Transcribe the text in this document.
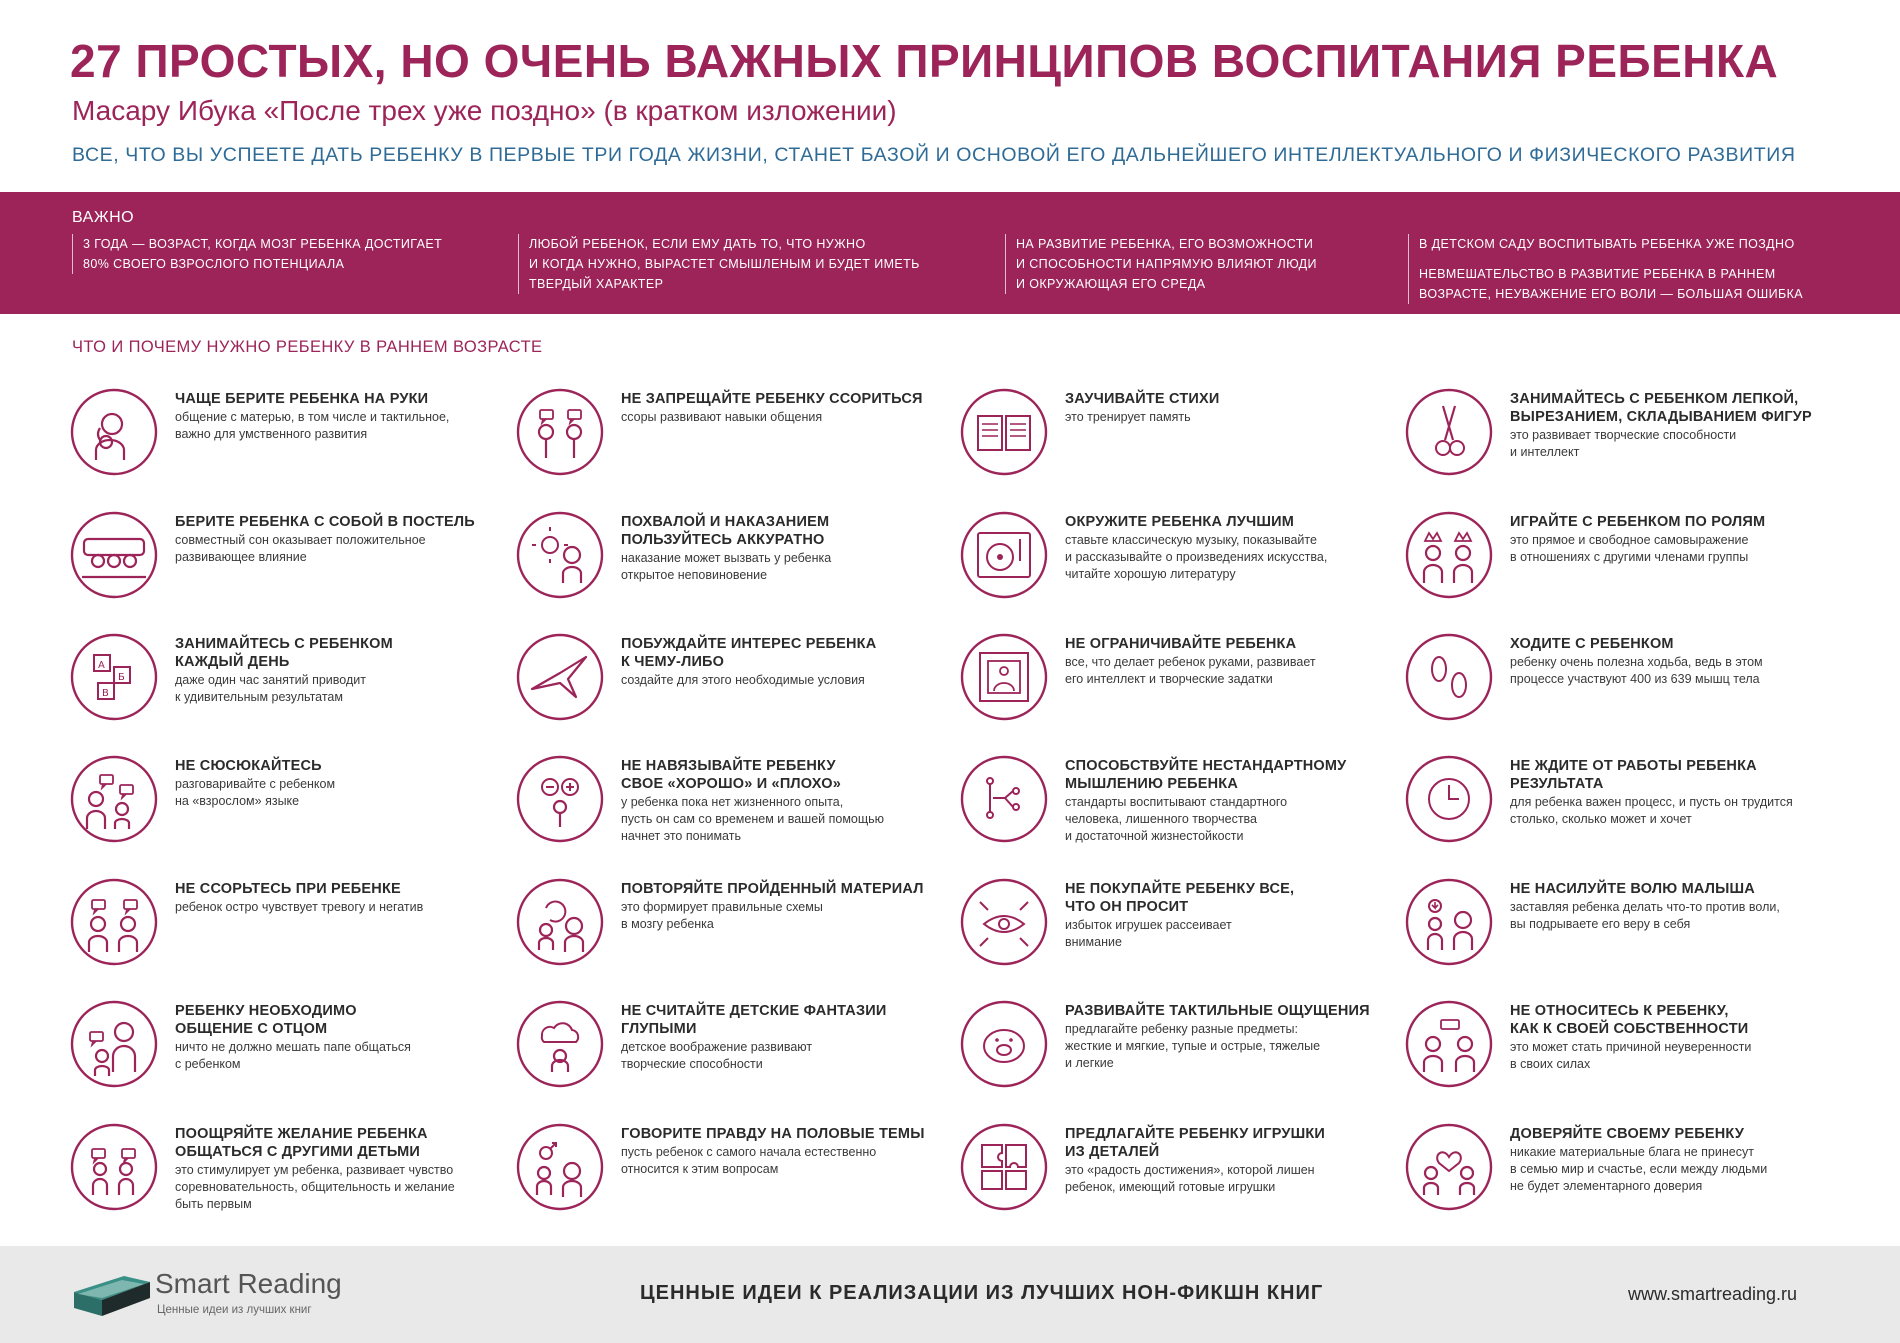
27 ПРОСТЫХ, НО ОЧЕНЬ ВАЖНЫХ ПРИНЦИПОВ ВОСПИТАНИЯ РЕБЕНКА
Масару Ибука «После трех уже поздно» (в кратком изложении)
ВСЕ, ЧТО ВЫ УСПЕЕТЕ ДАТЬ РЕБЕНКУ В ПЕРВЫЕ ТРИ ГОДА ЖИЗНИ, СТАНЕТ БАЗОЙ И ОСНОВОЙ ЕГО ДАЛЬНЕЙШЕГО ИНТЕЛЛЕКТУАЛЬНОГО И ФИЗИЧЕСКОГО РАЗВИТИЯ
ВАЖНО

3 ГОДА — ВОЗРАСТ, КОГДА МОЗГ РЕБЕНКА ДОСТИГАЕТ

80% СВОЕГО ВЗРОСЛОГО ПОТЕНЦИАЛА

ЛЮБОЙ РЕБЕНОК, ЕСЛИ ЕМУ ДАТЬ ТО, ЧТО НУЖНО

И КОГДА НУЖНО, ВЫРАСТЕТ СМЫШЛЕНЫМ И БУДЕТ ИМЕТЬ

ТВЕРДЫЙ ХАРАКТЕР

НА РАЗВИТИЕ РЕБЕНКА, ЕГО ВОЗМОЖНОСТИ

И СПОСОБНОСТИ НАПРЯМУЮ ВЛИЯЮТ ЛЮДИ

И ОКРУЖАЮЩАЯ ЕГО СРЕДА

В ДЕТСКОМ САДУ ВОСПИТЫВАТЬ РЕБЕНКА УЖЕ ПОЗДНО

НЕВМЕШАТЕЛЬСТВО В РАЗВИТИЕ РЕБЕНКА В РАННЕМ

ВОЗРАСТЕ, НЕУВАЖЕНИЕ ЕГО ВОЛИ — БОЛЬШАЯ ОШИБКА

ЧТО И ПОЧЕМУ НУЖНО РЕБЕНКУ В РАННЕМ ВОЗРАСТЕ

ЧАЩЕ БЕРИТЕ РЕБЕНКА НА РУКИ

общение с матерью, в том числе и тактильное,

важно для умственного развития

БЕРИТЕ РЕБЕНКА С СОБОЙ В ПОСТЕЛЬ

совместный сон оказывает положительное

развивающее влияние

А
Б
В

ЗАНИМАЙТЕСЬ С РЕБЕНКОМ

КАЖДЫЙ ДЕНЬ

даже один час занятий приводит

к удивительным результатам

НЕ СЮСЮКАЙТЕСЬ

разговаривайте с ребенком

на «взрослом» языке

НЕ ССОРЬТЕСЬ ПРИ РЕБЕНКЕ

ребенок остро чувствует тревогу и негатив

РЕБЕНКУ НЕОБХОДИМО

ОБЩЕНИЕ С ОТЦОМ

ничто не должно мешать папе общаться

с ребенком

ПООЩРЯЙТЕ ЖЕЛАНИЕ РЕБЕНКА

ОБЩАТЬСЯ С ДРУГИМИ ДЕТЬМИ

это стимулирует ум ребенка, развивает чувство

соревновательность, общительность и желание

быть первым

НЕ ЗАПРЕЩАЙТЕ РЕБЕНКУ ССОРИТЬСЯ

ссоры развивают навыки общения

ПОХВАЛОЙ И НАКАЗАНИЕМ

ПОЛЬЗУЙТЕСЬ АККУРАТНО

наказание может вызвать у ребенка

открытое неповиновение

ПОБУЖДАЙТЕ ИНТЕРЕС РЕБЕНКА

К ЧЕМУ-ЛИБО

создайте для этого необходимые условия

НЕ НАВЯЗЫВАЙТЕ РЕБЕНКУ

СВОЕ «ХОРОШО» И «ПЛОХО»

у ребенка пока нет жизненного опыта,

пусть он сам со временем и вашей помощью

начнет это понимать

ПОВТОРЯЙТЕ ПРОЙДЕННЫЙ МАТЕРИАЛ

это формирует правильные схемы

в мозгу ребенка

НЕ СЧИТАЙТЕ ДЕТСКИЕ ФАНТАЗИИ

ГЛУПЫМИ

детское воображение развивают

творческие способности

ГОВОРИТЕ ПРАВДУ НА ПОЛОВЫЕ ТЕМЫ

пусть ребенок с самого начала естественно

относится к этим вопросам

ЗАУЧИВАЙТЕ СТИХИ

это тренирует память

ОКРУЖИТЕ РЕБЕНКА ЛУЧШИМ

ставьте классическую музыку, показывайте

и рассказывайте о произведениях искусства,

читайте хорошую литературу

НЕ ОГРАНИЧИВАЙТЕ РЕБЕНКА

все, что делает ребенок руками, развивает

его интеллект и творческие задатки

СПОСОБСТВУЙТЕ НЕСТАНДАРТНОМУ

МЫШЛЕНИЮ РЕБЕНКА

стандарты воспитывают стандартного

человека, лишенного творчества

и достаточной жизнестойкости

НЕ ПОКУПАЙТЕ РЕБЕНКУ ВСЕ,

ЧТО ОН ПРОСИТ

избыток игрушек рассеивает

внимание

РАЗВИВАЙТЕ ТАКТИЛЬНЫЕ ОЩУЩЕНИЯ

предлагайте ребенку разные предметы:

жесткие и мягкие, тупые и острые, тяжелые

и легкие

ПРЕДЛАГАЙТЕ РЕБЕНКУ ИГРУШКИ

ИЗ ДЕТАЛЕЙ

это «радость достижения», которой лишен

ребенок, имеющий готовые игрушки

ЗАНИМАЙТЕСЬ С РЕБЕНКОМ ЛЕПКОЙ,

ВЫРЕЗАНИЕМ, СКЛАДЫВАНИЕМ ФИГУР

это развивает творческие способности

и интеллект

ИГРАЙТЕ С РЕБЕНКОМ ПО РОЛЯМ

это прямое и свободное самовыражение

в отношениях с другими членами группы

ХОДИТЕ С РЕБЕНКОМ

ребенку очень полезна ходьба, ведь в этом

процессе участвуют 400 из 639 мышц тела

НЕ ЖДИТЕ ОТ РАБОТЫ РЕБЕНКА

РЕЗУЛЬТАТА

для ребенка важен процесс, и пусть он трудится

столько, сколько может и хочет

НЕ НАСИЛУЙТЕ ВОЛЮ МАЛЫША

заставляя ребенка делать что-то против воли,

вы подрываете его веру в себя

НЕ ОТНОСИТЕСЬ К РЕБЕНКУ,

КАК К СВОЕЙ СОБСТВЕННОСТИ

это может стать причиной неуверенности

в своих силах

ДОВЕРЯЙТЕ СВОЕМУ РЕБЕНКУ

никакие материальные блага не принесут

в семью мир и счастье, если между людьми

не будет элементарного доверия

Smart Reading
Ценные идеи из лучших книг
ЦЕННЫЕ ИДЕИ К РЕАЛИЗАЦИИ ИЗ ЛУЧШИХ НОН-ФИКШН КНИГ	www.smartreading.ru
